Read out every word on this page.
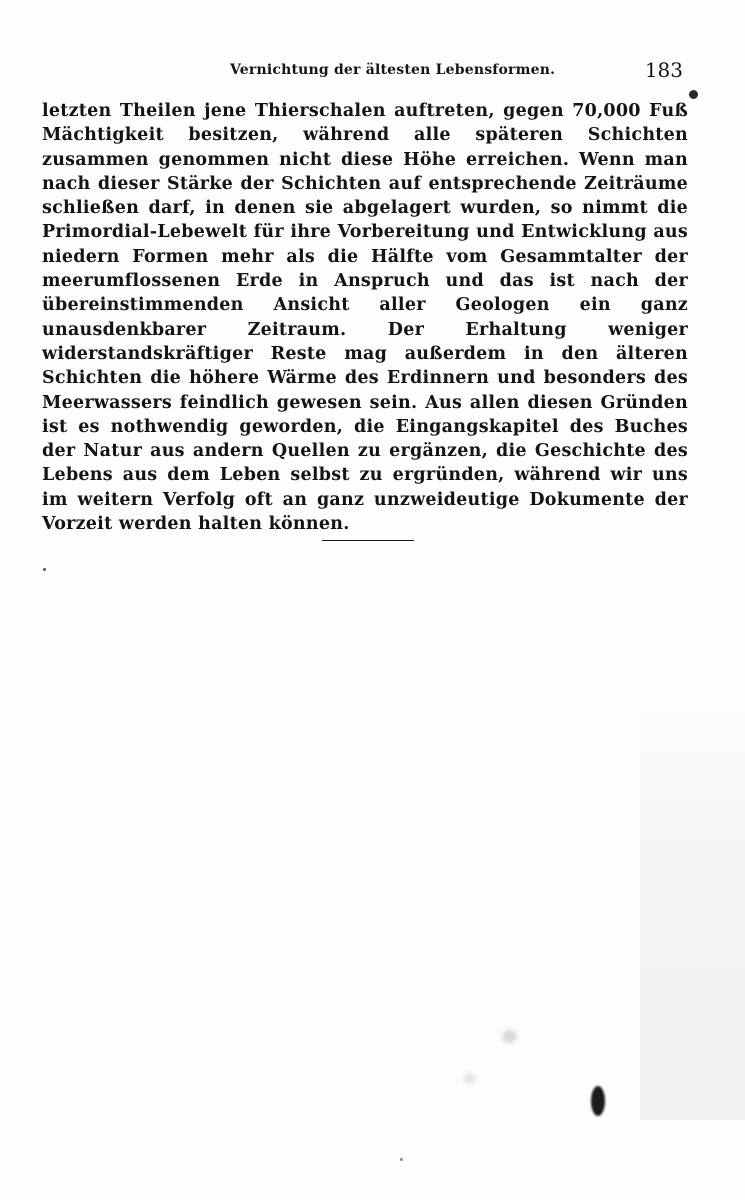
Vernichtung der ältesten Lebensformen.	183

letzten Theilen jene Thierschalen auftreten, gegen 70,000 Fuß Mächtigkeit besitzen, während alle späteren Schichten zusammen genommen nicht diese Höhe erreichen. Wenn man nach dieser Stärke der Schichten auf entsprechende Zeiträume schließen darf, in denen sie abgelagert wurden, so nimmt die Primordial-Lebewelt für ihre Vorbereitung und Entwicklung aus niedern Formen mehr als die Hälfte vom Gesammtalter der meerumflossenen Erde in Anspruch und das ist nach der übereinstimmenden Ansicht aller Geologen ein ganz unausdenkbarer Zeitraum. Der Erhaltung weniger widerstandskräftiger Reste mag außerdem in den älteren Schichten die höhere Wärme des Erdinnern und besonders des Meerwassers feindlich gewesen sein. Aus allen diesen Gründen ist es nothwendig geworden, die Eingangskapitel des Buches der Natur aus andern Quellen zu ergänzen, die Geschichte des Lebens aus dem Leben selbst zu ergründen, während wir uns im weitern Verfolg oft an ganz unzweideutige Dokumente der Vorzeit werden halten können.
